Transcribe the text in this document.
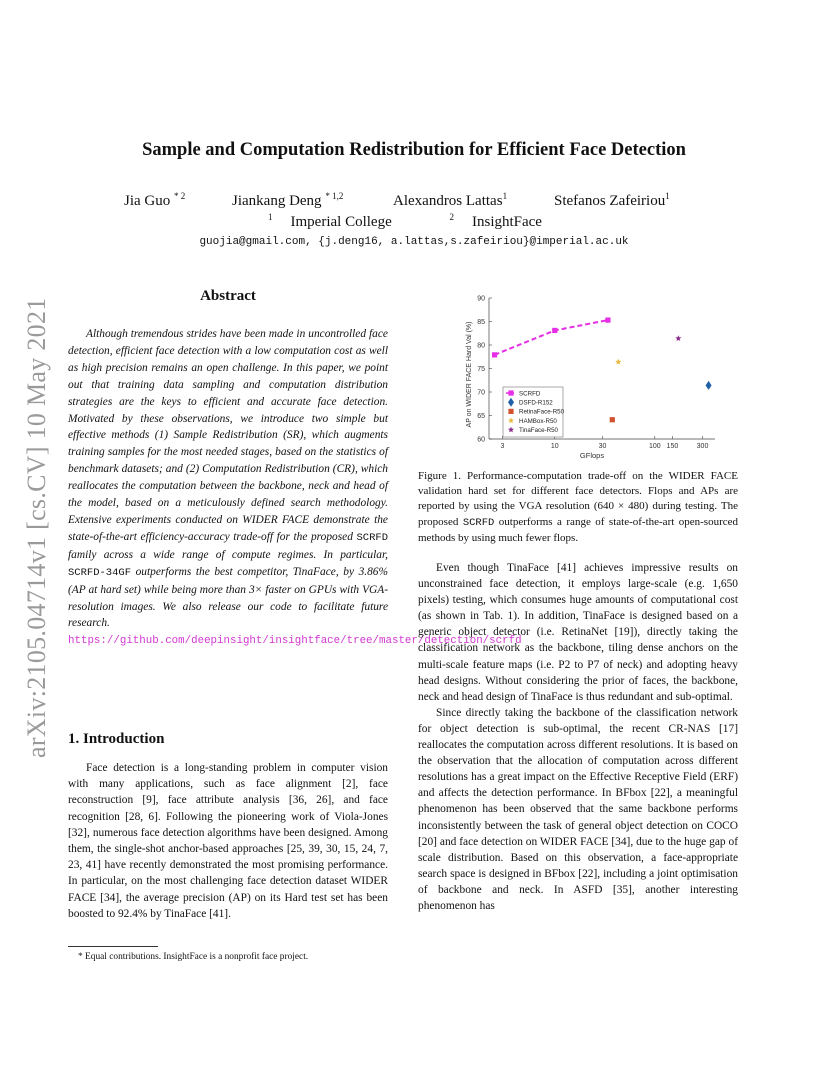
arXiv:2105.04714v1 [cs.CV] 10 May 2021
Sample and Computation Redistribution for Efficient Face Detection
Jia Guo $^{* 2}$	Jiankang Deng $^{* 1,2}$	Alexandros Lattas$^1$	Stefanos Zafeiriou$^1$
$^1$ Imperial College	$^2$ InsightFace
guojia@gmail.com, {j.deng16, a.lattas,s.zafeiriou}@imperial.ac.uk
Abstract
Although tremendous strides have been made in uncontrolled face detection, efficient face detection with a low computation cost as well as high precision remains an open challenge. In this paper, we point out that training data sampling and computation distribution strategies are the keys to efficient and accurate face detection. Motivated by these observations, we introduce two simple but effective methods (1) Sample Redistribution (SR), which augments training samples for the most needed stages, based on the statistics of benchmark datasets; and (2) Computation Redistribution (CR), which reallocates the computation between the backbone, neck and head of the model, based on a meticulously defined search methodology. Extensive experiments conducted on WIDER FACE demonstrate the state-of-the-art efficiency-accuracy trade-off for the proposed SCRFD family across a wide range of compute regimes. In particular, SCRFD-34GF outperforms the best competitor, TinaFace, by 3.86% (AP at hard set) while being more than 3× faster on GPUs with VGA-resolution images. We also release our code to facilitate future research. https://github.com/deepinsight/insightface/tree/master/detection/scrfd
1. Introduction
Face detection is a long-standing problem in computer vision with many applications, such as face alignment [2], face reconstruction [9], face attribute analysis [36, 26], and face recognition [28, 6]. Following the pioneering work of Viola-Jones [32], numerous face detection algorithms have been designed. Among them, the single-shot anchor-based approaches [25, 39, 30, 15, 24, 7, 23, 41] have recently demonstrated the most promising performance. In particular, on the most challenging face detection dataset WIDER FACE [34], the average precision (AP) on its Hard test set has been boosted to 92.4% by TinaFace [41].
* Equal contributions. InsightFace is a nonprofit face project.
60
65
70
75
80
85
90
3	10	30	100 150	300
GFlops
AP on WIDER FACE Hard Val (%)	SCRFD
DSFD-R152
RetinaFace-R50
HAMBox-R50
TinaFace-R50
Figure 1. Performance-computation trade-off on the WIDER FACE validation hard set for different face detectors. Flops and APs are reported by using the VGA resolution (640 × 480) during testing. The proposed SCRFD outperforms a range of state-of-the-art open-sourced methods by using much fewer flops.

Even though TinaFace [41] achieves impressive results on unconstrained face detection, it employs large-scale (e.g. 1,650 pixels) testing, which consumes huge amounts of computational cost (as shown in Tab. 1). In addition, TinaFace is designed based on a generic object detector (i.e. RetinaNet [19]), directly taking the classification network as the backbone, tiling dense anchors on the multi-scale feature maps (i.e. P2 to P7 of neck) and adopting heavy head designs. Without considering the prior of faces, the backbone, neck and head design of TinaFace is thus redundant and sub-optimal.

Since directly taking the backbone of the classification network for object detection is sub-optimal, the recent CR-NAS [17] reallocates the computation across different resolutions. It is based on the observation that the allocation of computation across different resolutions has a great impact on the Effective Receptive Field (ERF) and affects the detection performance. In BFbox [22], a meaningful phenomenon has been observed that the same backbone performs inconsistently between the task of general object detection on COCO [20] and face detection on WIDER FACE [34], due to the huge gap of scale distribution. Based on this observation, a face-appropriate search space is designed in BFbox [22], including a joint optimisation of backbone and neck. In ASFD [35], another interesting phenomenon has
